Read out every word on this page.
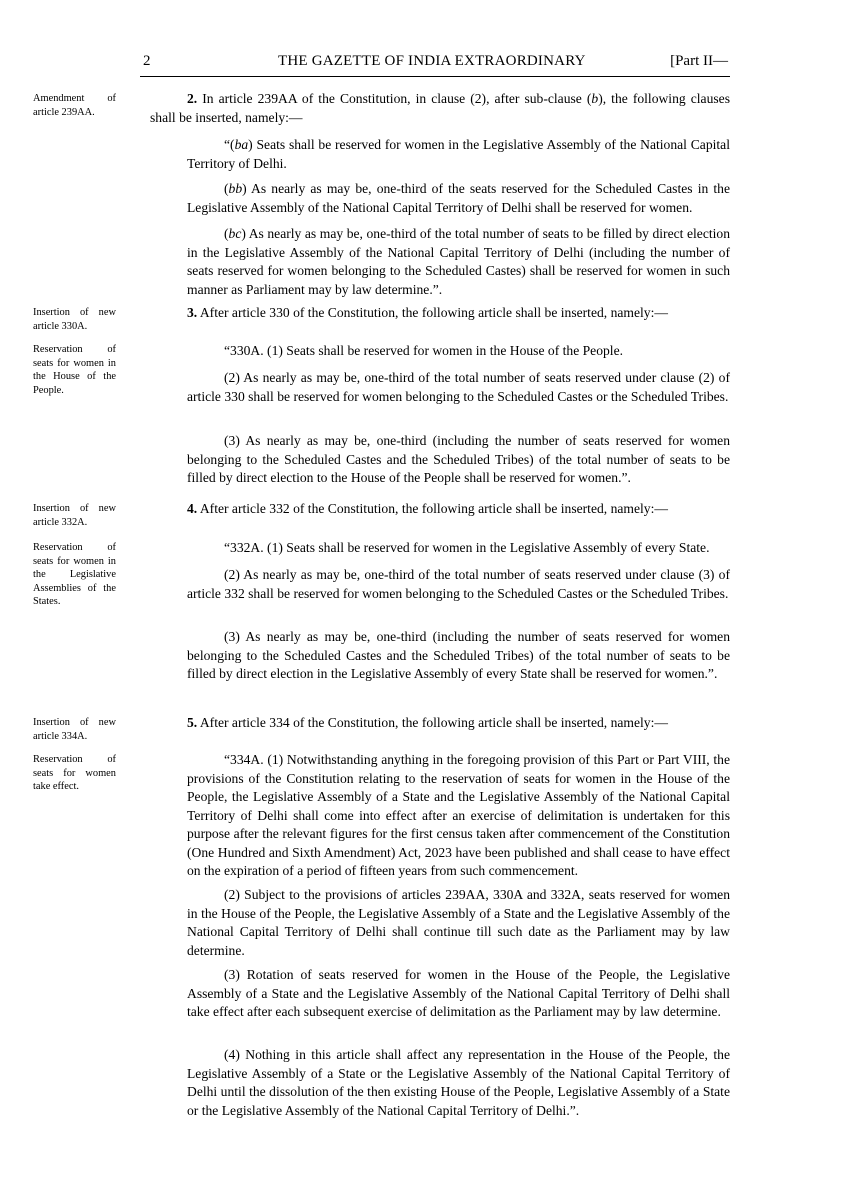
2	THE GAZETTE OF INDIA EXTRAORDINARY	[Part II—
Amendment of article 239AA.
Insertion of new article 330A.
Reservation of seats for women in the House of the People.
Insertion of new article 332A.
Reservation of seats for women in the Legislative Assemblies of the States.
Insertion of new article 334A.
Reservation of seats for women take effect.

2. In article 239AA of the Constitution, in clause (2), after sub-clause (b), the following clauses shall be inserted, namely:—

“(ba) Seats shall be reserved for women in the Legislative Assembly of the National Capital Territory of Delhi.

(bb) As nearly as may be, one-third of the seats reserved for the Scheduled Castes in the Legislative Assembly of the National Capital Territory of Delhi shall be reserved for women.

(bc) As nearly as may be, one-third of the total number of seats to be filled by direct election in the Legislative Assembly of the National Capital Territory of Delhi (including the number of seats reserved for women belonging to the Scheduled Castes) shall be reserved for women in such manner as Parliament may by law determine.”.

3. After article 330 of the Constitution, the following article shall be inserted, namely:—

“330A. (1) Seats shall be reserved for women in the House of the People.

(2) As nearly as may be, one-third of the total number of seats reserved under clause (2) of article 330 shall be reserved for women belonging to the Scheduled Castes or the Scheduled Tribes.

(3) As nearly as may be, one-third (including the number of seats reserved for women belonging to the Scheduled Castes and the Scheduled Tribes) of the total number of seats to be filled by direct election to the House of the People shall be reserved for women.”.

4. After article 332 of the Constitution, the following article shall be inserted, namely:—

“332A. (1) Seats shall be reserved for women in the Legislative Assembly of every State.

(2) As nearly as may be, one-third of the total number of seats reserved under clause (3) of article 332 shall be reserved for women belonging to the Scheduled Castes or the Scheduled Tribes.

(3) As nearly as may be, one-third (including the number of seats reserved for women belonging to the Scheduled Castes and the Scheduled Tribes) of the total number of seats to be filled by direct election in the Legislative Assembly of every State shall be reserved for women.”.

5. After article 334 of the Constitution, the following article shall be inserted, namely:—

“334A. (1) Notwithstanding anything in the foregoing provision of this Part or Part VIII, the provisions of the Constitution relating to the reservation of seats for women in the House of the People, the Legislative Assembly of a State and the Legislative Assembly of the National Capital Territory of Delhi shall come into effect after an exercise of delimitation is undertaken for this purpose after the relevant figures for the first census taken after commencement of the Constitution (One Hundred and Sixth Amendment) Act, 2023 have been published and shall cease to have effect on the expiration of a period of fifteen years from such commencement.

(2) Subject to the provisions of articles 239AA, 330A and 332A, seats reserved for women in the House of the People, the Legislative Assembly of a State and the Legislative Assembly of the National Capital Territory of Delhi shall continue till such date as the Parliament may by law determine.

(3) Rotation of seats reserved for women in the House of the People, the Legislative Assembly of a State and the Legislative Assembly of the National Capital Territory of Delhi shall take effect after each subsequent exercise of delimitation as the Parliament may by law determine.

(4) Nothing in this article shall affect any representation in the House of the People, the Legislative Assembly of a State or the Legislative Assembly of the National Capital Territory of Delhi until the dissolution of the then existing House of the People, Legislative Assembly of a State or the Legislative Assembly of the National Capital Territory of Delhi.”.
